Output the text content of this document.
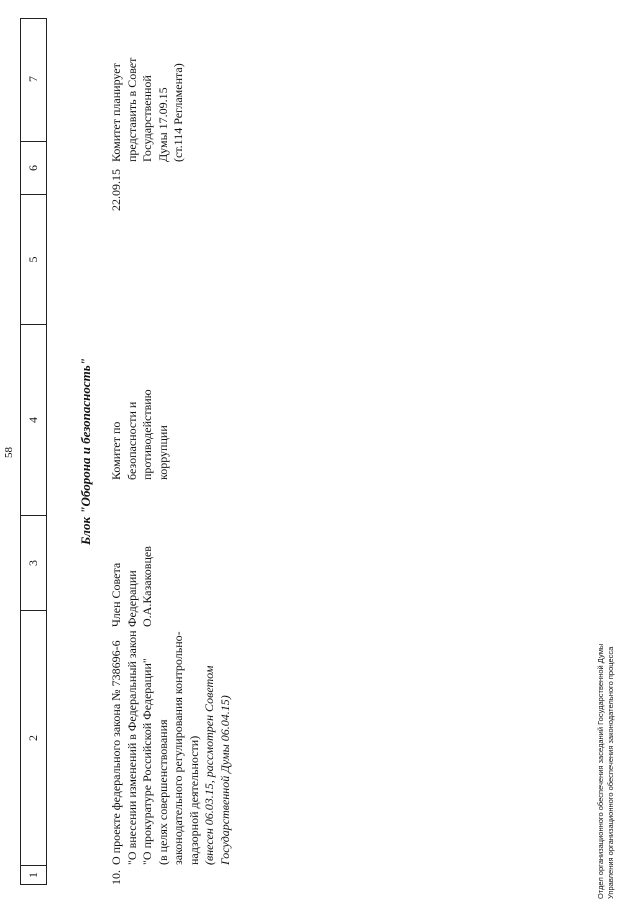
58
1
2
3
4
5
6
7
Блок "Оборона и безопасность"
10.
О проекте федерального закона № 738696-6 "О внесении изменений в Федеральный закон "О прокуратуре Российской Федерации" (в целях совершенствования законодательного регулирования контрольно- надзорной деятельности) (внесен 06.03.15, рассмотрен Советом Государственной Думы 06.04.15)
Член Совета Федерации О.А.Казаковцев
Комитет по безопасности и противодействию коррупции
22.09.15
Комитет планирует представить в Совет Государственной Думы 17.09.15 (ст.114 Регламента)
Отдел организационного обеспечения заседаний Государственной Думы Управления организационного обеспечения законодательного процесса
